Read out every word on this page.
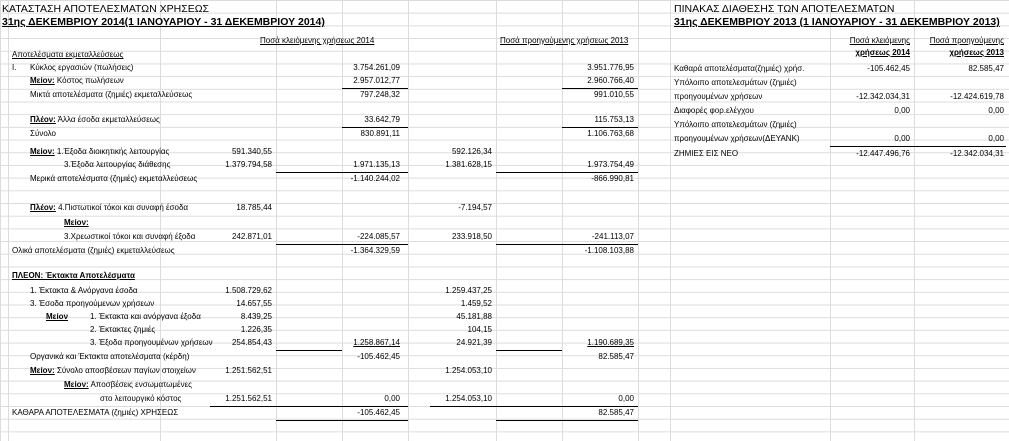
ΚΑΤΑΣΤΑΣΗ ΑΠΟΤΕΛΕΣΜΑΤΩΝ ΧΡΗΣΕΩΣ
31ης ΔΕΚΕΜΒΡΙΟΥ 2014(1 ΙΑΝΟΥΑΡΙΟΥ - 31 ΔΕΚΕΜΒΡΙΟΥ 2014)
Ποσά κλειόμενης χρήσεως 2014	Ποσά προηγούμενης χρήσεως 2013
Αποτελέσματα εκμεταλλεύσεως
Ι. Κύκλος εργασιών (πωλήσεις)	3.754.261,09	3.951.776,95
Μείον: Κόστος πωλήσεων	2.957.012,77	2.960.766,40
Μικτά αποτελέσματα (ζημιές) εκμεταλλεύσεως	797.248,32	991.010,55
Πλέον: Άλλα έσοδα εκμεταλλεύσεως	33.642,79	115.753,13
Σύνολο	830.891,11	1.106.763,68
Μείον: 1.Έξοδα διοικητικής λειτουργίας	591.340,55	592.126,34
3.Έξοδα λειτουργίας διάθεσης	1.379.794,58	1.971.135,13	1.381.628,15	1.973.754,49
Μερικά αποτελέσματα (ζημιές) εκμεταλλεύσεως	-1.140.244,02	-866.990,81
Πλέον: 4.Πιστωτικοί τόκοι και συναφή έσοδα	18.785,44	-7.194,57
Μείον:
3.Χρεωστικοί τόκοι και συναφή έξοδα	242.871,01	-224.085,57	233.918,50	-241.113,07
Ολικά αποτελέσματα (ζημιές) εκμεταλλεύσεως	-1.364.329,59	-1.108.103,88
ΠΛΕΟΝ: Έκτακτα Αποτελέσματα
1. Έκτακτα & Ανόργανα έσοδα	1.508.729,62	1.259.437,25
3. Έσοδα προηγούμενων χρήσεων	14.657,55	1.459,52
Μείον	1. Έκτακτα και ανόργανα έξοδα	8.439,25	45.181,88
2. Έκτακτες ζημιές	1.226,35	104,15
3. Έξοδα προηγουμένων χρήσεων	254.854,43	1.258.867,14	24.921,39	1.190.689,35
Οργανικά και Έκτακτα αποτελέσματα (κέρδη)	-105.462,45	82.585,47
Μείον: Σύνολο αποσβέσεων παγίων στοιχείων	1.251.562,51	1.254.053,10
Μείον: Αποσβέσεις ενσωματωμένες
στο λειτουργικό κόστος	1.251.562,51	0,00	1.254.053,10	0,00
ΚΑΘΑΡΑ ΑΠΟΤΕΛΕΣΜΑΤΑ (ζημιές) ΧΡΗΣΕΩΣ	-105.462,45	82.585,47
ΠΙΝΑΚΑΣ ΔΙΑΘΕΣΗΣ ΤΩΝ ΑΠΟΤΕΛΕΣΜΑΤΩΝ
31ης ΔΕΚΕΜΒΡΙΟΥ 2013 (1 ΙΑΝΟΥΑΡΙΟΥ - 31 ΔΕΚΕΜΒΡΙΟΥ 2013)
Ποσά κλειόμενης	Ποσά προηγούμενης
χρήσεως 2014	χρήσεως 2013
Καθαρά αποτελέσματα(ζημιές) χρήσ.	-105.462,45	82.585,47
Υπόλοιπο αποτελεσμάτων (ζημιές)
προηγουμένων χρήσεων	-12.342.034,31	-12.424.619,78
Διαφορές φορ.ελέγχου	0,00	0,00
Υπόλοιπο αποτελεσμάτων (ζημιές)
προηγουμένων χρήσεων(ΔΕΥΑΝΚ)	0,00	0,00
ΖΗΜΙΕΣ ΕΙΣ ΝΕΟ	-12.447.496,76	-12.342.034,31
